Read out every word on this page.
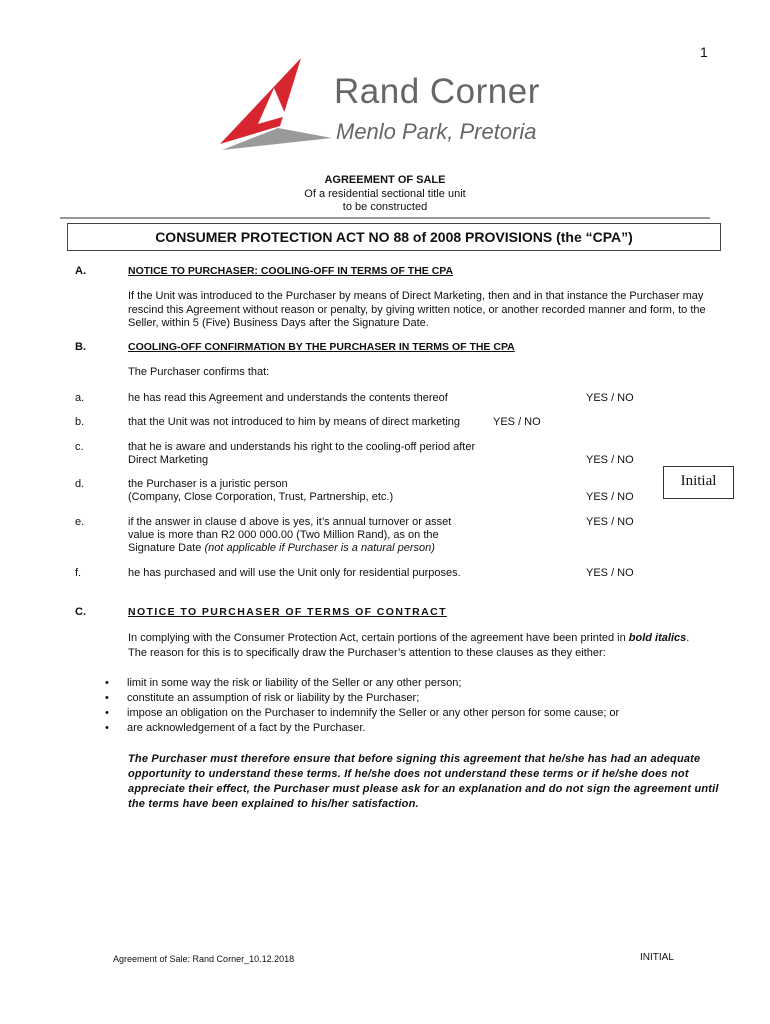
1
Rand Corner
Menlo Park, Pretoria
AGREEMENT OF SALE
Of a residential sectional title unit
to be constructed
CONSUMER PROTECTION ACT NO 88 of 2008 PROVISIONS (the “CPA”)
A.	NOTICE TO PURCHASER: COOLING-OFF IN TERMS OF THE CPA
If the Unit was introduced to the Purchaser by means of Direct Marketing, then and in that instance the Purchaser may rescind this Agreement without reason or penalty, by giving written notice, or another recorded manner and form, to the Seller, within 5 (Five) Business Days after the Signature Date.
B.	COOLING-OFF CONFIRMATION BY THE PURCHASER IN TERMS OF THE CPA
The Purchaser confirms that:
a.	he has read this Agreement and understands the contents thereof	YES / NO
b.	that the Unit was not introduced to him by means of direct marketing	YES / NO
c.	that he is aware and understands his right to the cooling-off period after
Direct Marketing	YES / NO
d.	the Purchaser is a juristic person
(Company, Close Corporation, Trust, Partnership, etc.)	YES / NO
Initial
e.	if the answer in clause d above is yes, it’s annual turnover or asset
value is more than R2 000 000.00 (Two Million Rand), as on the
Signature Date (not applicable if Purchaser is a natural person)
YES / NO
f.	he has purchased and will use the Unit only for residential purposes.	YES / NO
C.	NOTICE TO PURCHASER OF TERMS OF CONTRACT
In complying with the Consumer Protection Act, certain portions of the agreement have been printed in bold italics.
The reason for this is to specifically draw the Purchaser’s attention to these clauses as they either:
• limit in some way the risk or liability of the Seller or any other person;
• constitute an assumption of risk or liability by the Purchaser;
• impose an obligation on the Purchaser to indemnify the Seller or any other person for some cause; or
• are acknowledgement of a fact by the Purchaser.
The Purchaser must therefore ensure that before signing this agreement that he/she has had an adequate opportunity to understand these terms. If he/she does not understand these terms or if he/she does not appreciate their effect, the Purchaser must please ask for an explanation and do not sign the agreement until the terms have been explained to his/her satisfaction.
Agreement of Sale: Rand Corner_10.12.2018	INITIAL
